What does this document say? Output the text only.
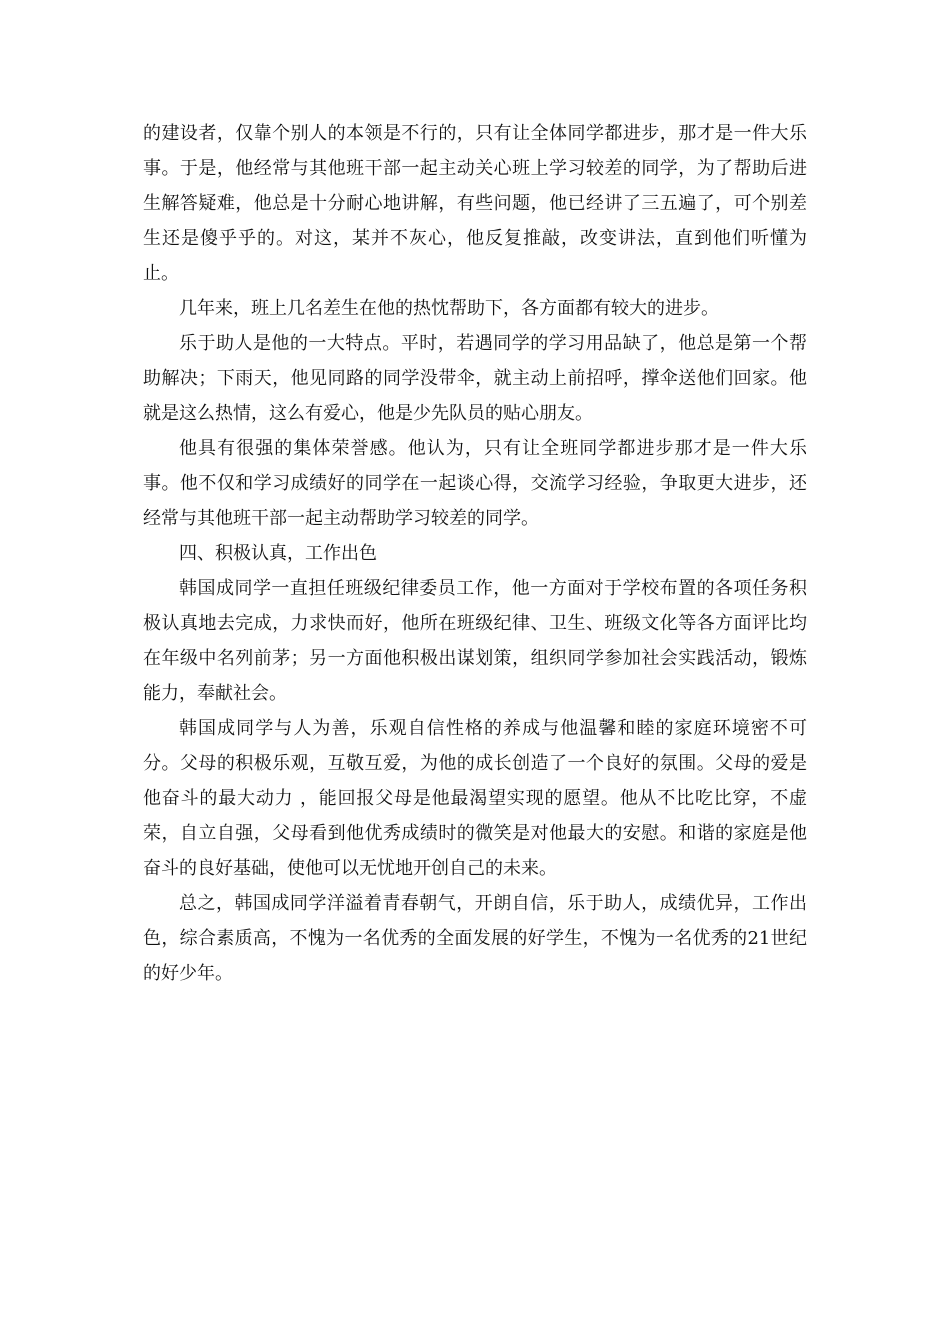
的建设者，仅靠个别人的本领是不行的，只有让全体同学都进步，那才是一件大乐事。于是，他经常与其他班干部一起主动关心班上学习较差的同学，为了帮助后进生解答疑难，他总是十分耐心地讲解，有些问题，他已经讲了三五遍了，可个别差生还是傻乎乎的。对这，某并不灰心，他反复推敲，改变讲法，直到他们听懂为止。

几年来，班上几名差生在他的热忱帮助下，各方面都有较大的进步。

乐于助人是他的一大特点。平时，若遇同学的学习用品缺了，他总是第一个帮助解决；下雨天，他见同路的同学没带伞，就主动上前招呼，撑伞送他们回家。他就是这么热情，这么有爱心，他是少先队员的贴心朋友。

他具有很强的集体荣誉感。他认为，只有让全班同学都进步那才是一件大乐事。他不仅和学习成绩好的同学在一起谈心得，交流学习经验，争取更大进步，还经常与其他班干部一起主动帮助学习较差的同学。

四、积极认真，工作出色

韩国成同学一直担任班级纪律委员工作，他一方面对于学校布置的各项任务积极认真地去完成，力求快而好，他所在班级纪律、卫生、班级文化等各方面评比均在年级中名列前茅；另一方面他积极出谋划策，组织同学参加社会实践活动，锻炼能力，奉献社会。

韩国成同学与人为善，乐观自信性格的养成与他温馨和睦的家庭环境密不可分。父母的积极乐观，互敬互爱，为他的成长创造了一个良好的氛围。父母的爱是他奋斗的最大动力 ，能回报父母是他最渴望实现的愿望。他从不比吃比穿，不虚荣，自立自强，父母看到他优秀成绩时的微笑是对他最大的安慰。和谐的家庭是他奋斗的良好基础，使他可以无忧地开创自己的未来。

总之，韩国成同学洋溢着青春朝气，开朗自信，乐于助人，成绩优异，工作出色，综合素质高，不愧为一名优秀的全面发展的好学生，不愧为一名优秀的21世纪的好少年。
